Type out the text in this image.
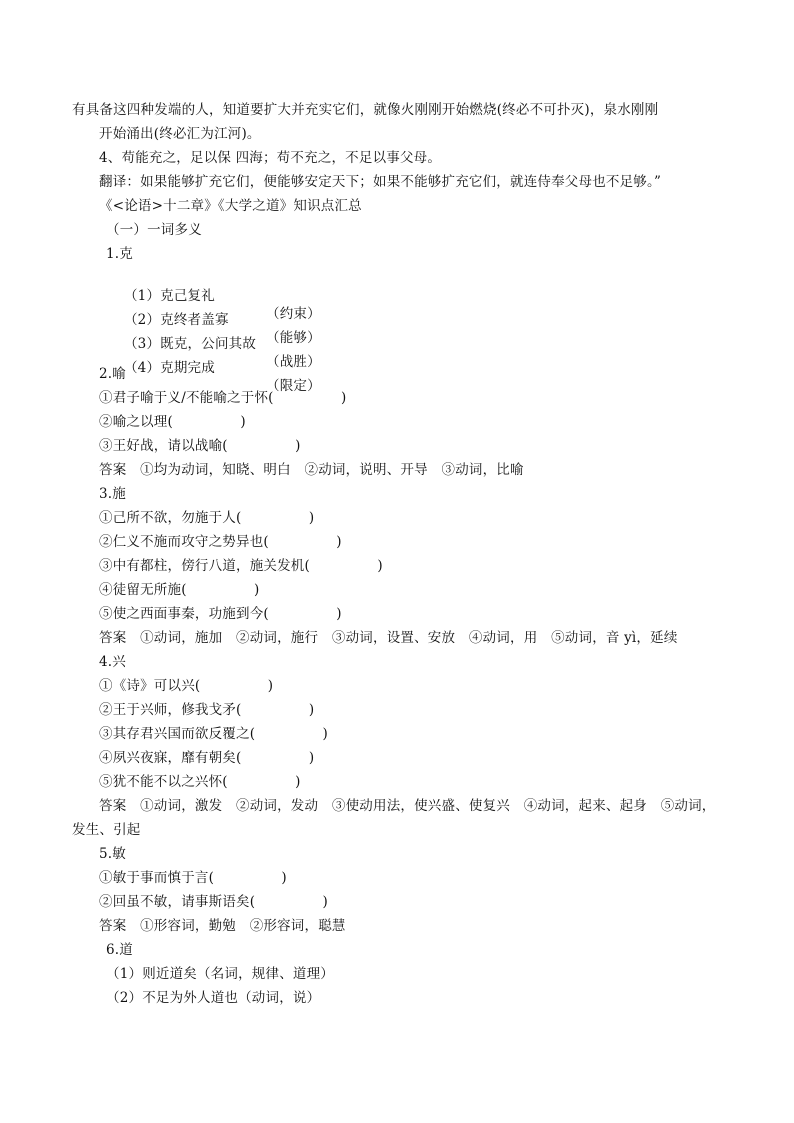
有具备这四种发端的人，知道要扩大并充实它们，就像火刚刚开始燃烧(终必不可扑灭)，泉水刚刚
开始涌出(终必汇为江河)。
4、苟能充之，足以保 四海；苟不充之，不足以事父母。
翻译：如果能够扩充它们，便能够安定天下；如果不能够扩充它们，就连侍奉父母也不足够。”
《<论语>十二章》《大学之道》知识点汇总
（一）一词多义
1.克

（1）克己复礼

（约束）

（2）克终者盖寡

（能够）

（3）既克，公问其故

（战胜）

（4）克期完成

（限定）

2.喻
①君子喻于义/不能喻之于怀(               )
②喻之以理(               )
③王好战，请以战喻(               )
答案　①均为动词，知晓、明白　②动词，说明、开导　③动词，比喻
3.施
①己所不欲，勿施于人(               )
②仁义不施而攻守之势异也(               )
③中有都柱，傍行八道，施关发机(               )
④徒留无所施(               )
⑤使之西面事秦，功施到今(               )
答案　①动词，施加　②动词，施行　③动词，设置、安放　④动词，用　⑤动词，音 yì，延续
4.兴
①《诗》可以兴(               )
②王于兴师，修我戈矛(               )
③其存君兴国而欲反覆之(               )
④夙兴夜寐，靡有朝矣(               )
⑤犹不能不以之兴怀(               )
答案　①动词，激发　②动词，发动　③使动用法，使兴盛、使复兴　④动词，起来、起身　⑤动词，
发生、引起
5.敏
①敏于事而慎于言(               )
②回虽不敏，请事斯语矣(               )
答案　①形容词，勤勉　②形容词，聪慧
6.道
（1）则近道矣（名词，规律、道理）
（2）不足为外人道也（动词，说）
